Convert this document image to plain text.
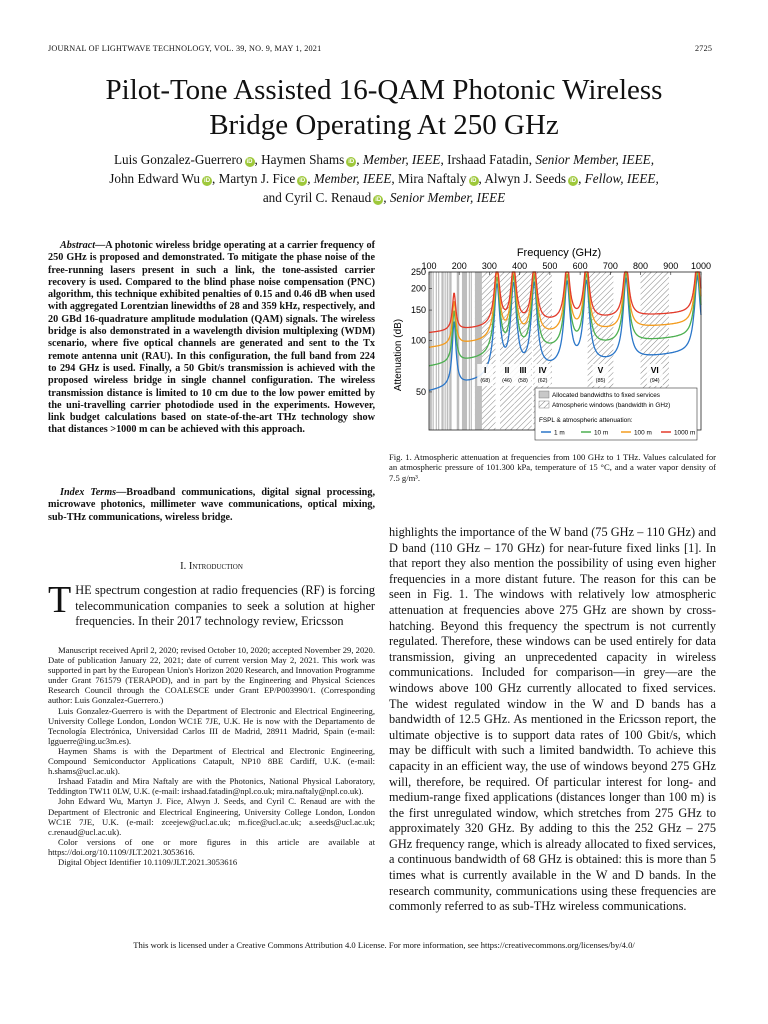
JOURNAL OF LIGHTWAVE TECHNOLOGY, VOL. 39, NO. 9, MAY 1, 2021	2725
Pilot-Tone Assisted 16-QAM Photonic Wireless
Bridge Operating At 250 GHz
Luis Gonzalez-Guerrero iD , Haymen Shams iD , Member, IEEE, Irshaad Fatadin, Senior Member, IEEE,
John Edward Wu iD , Martyn J. Fice iD , Member, IEEE, Mira Naftaly iD , Alwyn J. Seeds iD , Fellow, IEEE,
and Cyril C. Renaud iD , Senior Member, IEEE
Abstract—A photonic wireless bridge operating at a carrier frequency of 250 GHz is proposed and demonstrated. To mitigate the phase noise of the free-running lasers present in such a link, the tone-assisted carrier recovery is used. Compared to the blind phase noise compensation (PNC) algorithm, this technique exhibited penalties of 0.15 and 0.46 dB when used with aggregated Lorentzian linewidths of 28 and 359 kHz, respectively, and 20 GBd 16-quadrature amplitude modulation (QAM) signals. The wireless bridge is also demonstrated in a wavelength division multiplexing (WDM) scenario, where five optical channels are generated and sent to the Tx remote antenna unit (RAU). In this configuration, the full band from 224 to 294 GHz is used. Finally, a 50 Gbit/s transmission is achieved with the proposed wireless bridge in single channel configuration. The wireless transmission distance is limited to 10 cm due to the low power emitted by the uni-travelling carrier photodiode used in the experiments. However, link budget calculations based on state-of-the-art THz technology show that distances >1000 m can be achieved with this approach.
Index Terms—Broadband communications, digital signal processing, microwave photonics, millimeter wave communications, optical mixing, sub-THz communications, wireless bridge.
I. Introduction
THE spectrum congestion at radio frequencies (RF) is forcing telecommunication companies to seek a solution at higher frequencies. In their 2017 technology review, Ericsson

Manuscript received April 2, 2020; revised October 10, 2020; accepted November 29, 2020. Date of publication January 22, 2021; date of current version May 2, 2021. This work was supported in part by the European Union's Horizon 2020 Research, and Innovation Programme under Grant 761579 (TERAPOD), and in part by the Engineering and Physical Sciences Research Council through the COALESCE under Grant EP/P003990/1. (Corresponding author: Luis Gonzalez-Guerrero.)

Luis Gonzalez-Guerrero is with the Department of Electronic and Electrical Engineering, University College London, London WC1E 7JE, U.K. He is now with the Departamento de Tecnología Electrónica, Universidad Carlos III de Madrid, 28911 Madrid, Spain (e-mail: lgguerre@ing.uc3m.es).

Haymen Shams is with the Department of Electrical and Electronic Engineering, Compound Semiconductor Applications Catapult, NP10 8BE Cardiff, U.K. (e-mail: h.shams@ucl.ac.uk).

Irshaad Fatadin and Mira Naftaly are with the Photonics, National Physical Laboratory, Teddington TW11 0LW, U.K. (e-mail: irshaad.fatadin@npl.co.uk; mira.naftaly@npl.co.uk).

John Edward Wu, Martyn J. Fice, Alwyn J. Seeds, and Cyril C. Renaud are with the Department of Electronic and Electrical Engineering, University College London, London WC1E 7JE, U.K. (e-mail: zceejew@ucl.ac.uk; m.fice@ucl.ac.uk; a.seeds@ucl.ac.uk; c.renaud@ucl.ac.uk).

Color versions of one or more figures in this article are available at https://doi.org/10.1109/JLT.2021.3053616.

Digital Object Identifier 10.1109/JLT.2021.3053616

Frequency (GHz)
Attenuation (dB)
100 200 300 400 500 600 700 800 900 1000
250
200
150
100
50
I
(68)
II
(46)
III
(58)
IV
(62)
V
(85)
VI
(94)
Allocated bandwidths to fixed services
Atmospheric windows (bandwidth in GHz)
FSPL & atmospheric attenuation:
1 m	10 m	100 m	1000 m
Fig. 1. Atmospheric attenuation at frequencies from 100 GHz to 1 THz. Values calculated for an atmospheric pressure of 101.300 kPa, temperature of 15 °C, and a water vapor density of 7.5 g/m³.
highlights the importance of the W band (75 GHz – 110 GHz) and D band (110 GHz – 170 GHz) for near-future fixed links [1]. In that report they also mention the possibility of using even higher frequencies in a more distant future. The reason for this can be seen in Fig. 1. The windows with relatively low atmospheric attenuation at frequencies above 275 GHz are shown by cross-hatching. Beyond this frequency the spectrum is not currently regulated. Therefore, these windows can be used entirely for data transmission, giving an unprecedented capacity in wireless communications. Included for comparison—in grey—are the windows above 100 GHz currently allocated to fixed services. The widest regulated window in the W and D bands has a bandwidth of 12.5 GHz. As mentioned in the Ericsson report, the ultimate objective is to support data rates of 100 Gbit/s, which may be difficult with such a limited bandwidth. To achieve this capacity in an efficient way, the use of windows beyond 275 GHz will, therefore, be required. Of particular interest for long- and medium-range fixed applications (distances longer than 100 m) is the first unregulated window, which stretches from 275 GHz to approximately 320 GHz. By adding to this the 252 GHz – 275 GHz frequency range, which is already allocated to fixed services, a continuous bandwidth of 68 GHz is obtained: this is more than 5 times what is currently available in the W and D bands. In the research community, communications using these frequencies are commonly referred to as sub-THz wireless communications.
This work is licensed under a Creative Commons Attribution 4.0 License. For more information, see https://creativecommons.org/licenses/by/4.0/
